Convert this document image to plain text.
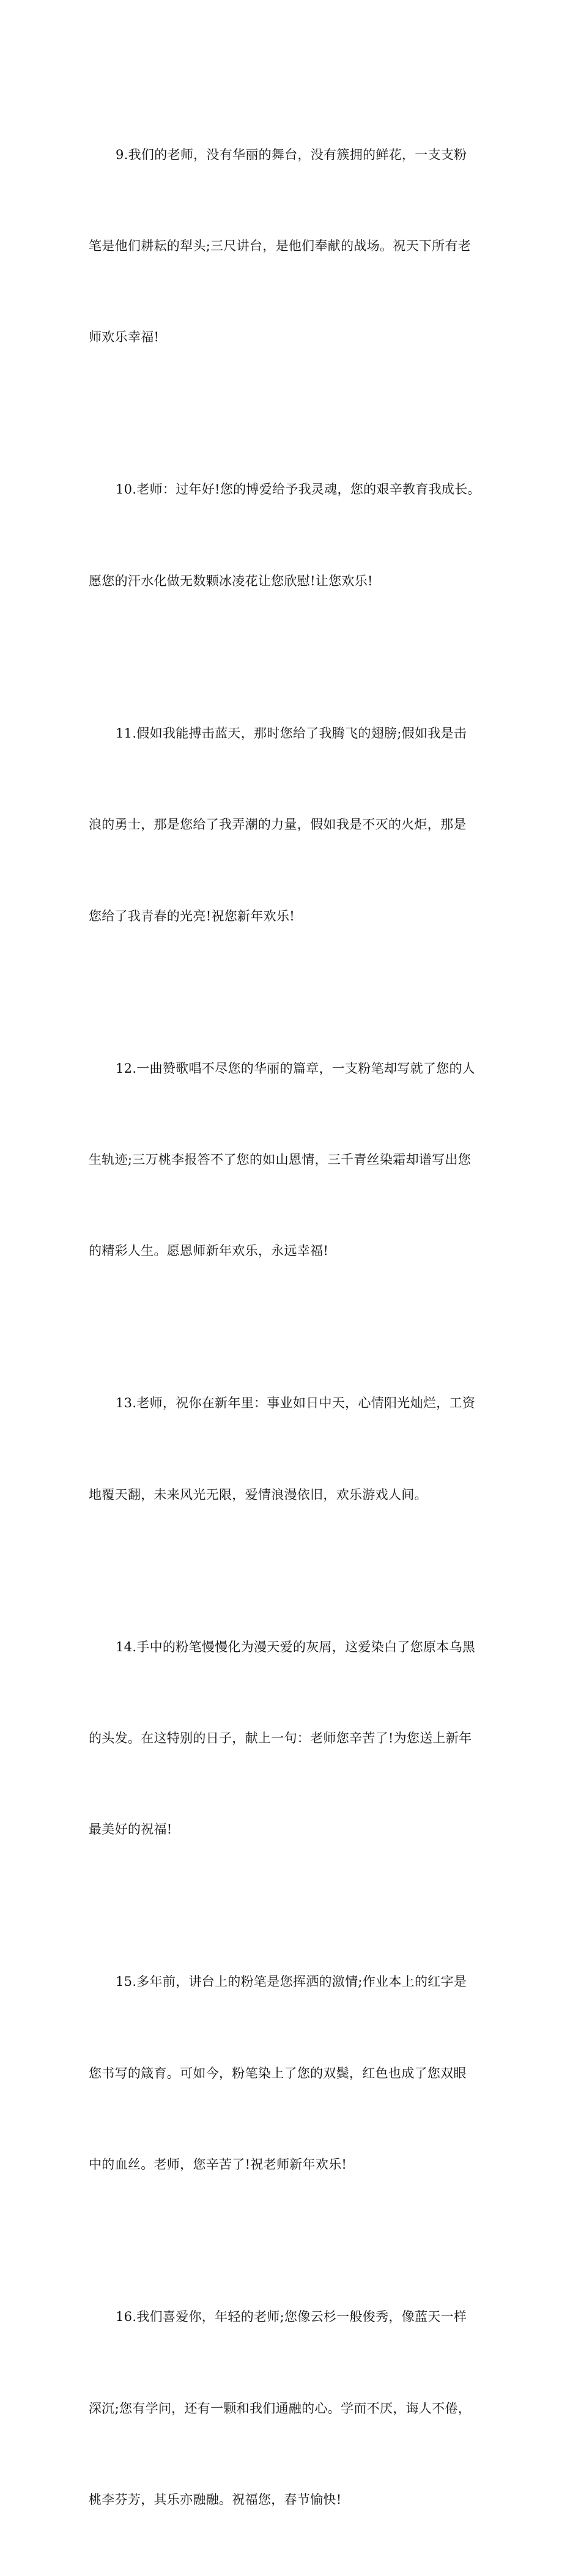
9.我们的老师，没有华丽的舞台，没有簇拥的鲜花，一支支粉

笔是他们耕耘的犁头;三尺讲台，是他们奉献的战场。祝天下所有老

师欢乐幸福!

10.老师：过年好!您的博爱给予我灵魂，您的艰辛教育我成长。

愿您的汗水化做无数颗冰凌花让您欣慰!让您欢乐!

11.假如我能搏击蓝天，那时您给了我腾飞的翅膀;假如我是击

浪的勇士，那是您给了我弄潮的力量，假如我是不灭的火炬，那是

您给了我青春的光亮!祝您新年欢乐!

12.一曲赞歌唱不尽您的华丽的篇章，一支粉笔却写就了您的人

生轨迹;三万桃李报答不了您的如山恩情，三千青丝染霜却谱写出您

的精彩人生。愿恩师新年欢乐，永远幸福!

13.老师，祝你在新年里：事业如日中天，心情阳光灿烂，工资

地覆天翻，未来风光无限，爱情浪漫依旧，欢乐游戏人间。

14.手中的粉笔慢慢化为漫天爱的灰屑，这爱染白了您原本乌黑

的头发。在这特别的日子，献上一句：老师您辛苦了!为您送上新年

最美好的祝福!

15.多年前，讲台上的粉笔是您挥洒的激情;作业本上的红字是

您书写的箴育。可如今，粉笔染上了您的双鬓，红色也成了您双眼

中的血丝。老师，您辛苦了!祝老师新年欢乐!

16.我们喜爱你，年轻的老师;您像云杉一般俊秀，像蓝天一样

深沉;您有学问，还有一颗和我们通融的心。学而不厌，诲人不倦，

桃李芬芳，其乐亦融融。祝福您，春节愉快!
